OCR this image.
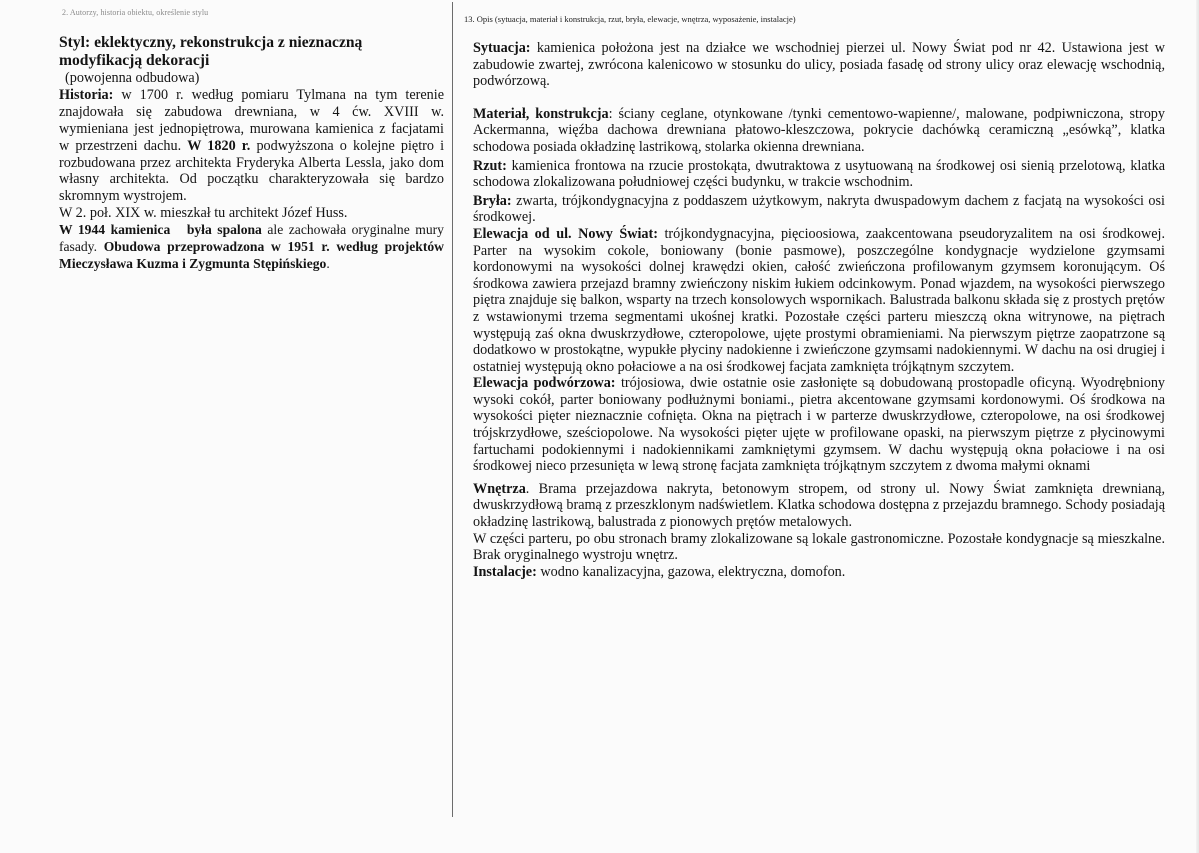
2. Autorzy, historia obiektu, określenie stylu
13. Opis (sytuacja, materiał i konstrukcja, rzut, bryła, elewacje, wnętrza, wyposażenie, instalacje)

Styl: eklektyczny, rekonstrukcja z nieznaczną modyfikacją dekoracji

(powojenna odbudowa)

Historia: w 1700 r. według pomiaru Tylmana na tym terenie znajdowała się zabudowa drewniana, w 4 ćw. XVIII w. wymieniana jest jednopiętrowa, murowana kamienica z facjatami w przestrzeni dachu. W 1820 r. podwyższona o kolejne piętro i rozbudowana przez architekta Fryderyka Alberta Lessla, jako dom własny architekta. Od początku charakteryzowała się bardzo skromnym wystrojem.

W 2. poł. XIX w. mieszkał tu architekt Józef Huss.

W 1944 kamienica była spalona ale zachowała oryginalne mury fasady. Obudowa przeprowadzona w 1951 r. według projektów Mieczysława Kuzma i Zygmunta Stępińskiego.

Sytuacja: kamienica położona jest na działce we wschodniej pierzei ul. Nowy Świat pod nr 42. Ustawiona jest w zabudowie zwartej, zwrócona kalenicowo w stosunku do ulicy, posiada fasadę od strony ulicy oraz elewację wschodnią, podwórzową.

Materiał, konstrukcja: ściany ceglane, otynkowane /tynki cementowo-wapienne/, malowane, podpiwniczona, stropy Ackermanna, więźba dachowa drewniana płatowo-kleszczowa, pokrycie dachówką ceramiczną „esówką”, klatka schodowa posiada okładzinę lastrikową, stolarka okienna drewniana.

Rzut: kamienica frontowa na rzucie prostokąta, dwutraktowa z usytuowaną na środkowej osi sienią przelotową, klatka schodowa zlokalizowana południowej części budynku, w trakcie wschodnim.

Bryła: zwarta, trójkondygnacyjna z poddaszem użytkowym, nakryta dwuspadowym dachem z facjatą na wysokości osi środkowej.

Elewacja od ul. Nowy Świat: trójkondygnacyjna, pięcioosiowa, zaakcentowana pseudoryzalitem na osi środkowej. Parter na wysokim cokole, boniowany (bonie pasmowe), poszczególne kondygnacje wydzielone gzymsami kordonowymi na wysokości dolnej krawędzi okien, całość zwieńczona profilowanym gzymsem koronującym. Oś środkowa zawiera przejazd bramny zwieńczony niskim łukiem odcinkowym. Ponad wjazdem, na wysokości pierwszego piętra znajduje się balkon, wsparty na trzech konsolowych wspornikach. Balustrada balkonu składa się z prostych prętów z wstawionymi trzema segmentami ukośnej kratki. Pozostałe części parteru mieszczą okna witrynowe, na piętrach występują zaś okna dwuskrzydłowe, czteropolowe, ujęte prostymi obramieniami. Na pierwszym piętrze zaopatrzone są dodatkowo w prostokątne, wypukłe płyciny nadokienne i zwieńczone gzymsami nadokiennymi. W dachu na osi drugiej i ostatniej występują okno połaciowe a na osi środkowej facjata zamknięta trójkątnym szczytem.

Elewacja podwórzowa: trójosiowa, dwie ostatnie osie zasłonięte są dobudowaną prostopadle oficyną. Wyodrębniony wysoki cokół, parter boniowany podłużnymi boniami., pietra akcentowane gzymsami kordonowymi. Oś środkowa na wysokości pięter nieznacznie cofnięta. Okna na piętrach i w parterze dwuskrzydłowe, czteropolowe, na osi środkowej trójskrzydłowe, sześciopolowe. Na wysokości pięter ujęte w profilowane opaski, na pierwszym piętrze z płycinowymi fartuchami podokiennymi i nadokiennikami zamkniętymi gzymsem. W dachu występują okna połaciowe i na osi środkowej nieco przesunięta w lewą stronę facjata zamknięta trójkątnym szczytem z dwoma małymi oknami

Wnętrza. Brama przejazdowa nakryta, betonowym stropem, od strony ul. Nowy Świat zamknięta drewnianą, dwuskrzydłową bramą z przeszklonym nadświetlem. Klatka schodowa dostępna z przejazdu bramnego. Schody posiadają okładzinę lastrikową, balustrada z pionowych prętów metalowych.

W części parteru, po obu stronach bramy zlokalizowane są lokale gastronomiczne. Pozostałe kondygnacje są mieszkalne. Brak oryginalnego wystroju wnętrz.

Instalacje: wodno kanalizacyjna, gazowa, elektryczna, domofon.
